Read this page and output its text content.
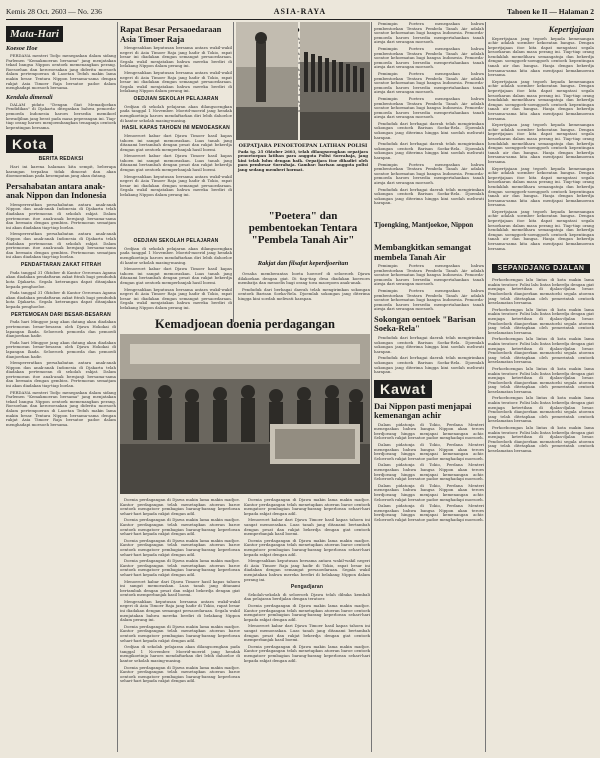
Kemis 28 Oct. 2603 — No. 236	ASIA-RAYA	Tahoen ke II — Halaman 2
Mata-Hari
Koesoe Hoe

PERDANA menteri Todjo menegaskan dalam sidang Parlemen "Kemakmoeran bersama" jang menjatakan tekad bangsa Nippon oentoek memenangkan perang. Roesoehan dan keroeoesakan jang diderita moesoeh dalam pertempoeran di Laoetan Teduh makin lama makin besar. Tentara Nippon bersama-sama dengan rakjat Asia Timoer Raja bersatoe padoe dalam menghadapi moesoeh bersama.

Kendala dimenali

DALAM pidato "Dengan Giat Memadjoekan Pendidikan" di Djakarta ditegaskan bahwa pemoeda-pemoeda Indonesia haroes bersedia memikoel kewadjiban jang berat pada masa peperangan ini. Tiap-tiap orang haroes menjoembangkan tenaganja oentoek kepentingan bersama.

Kota
BERITA REDAKSI

Hari ini karena halaman kita sempit, beberapa karangan terpaksa tidak dimoeat dan akan dioemoemkan pada kesempatan jang akan datang.

Persahabatan antara anak-anak Nippon dan Indonesia

Mempereratkan persahabatan antara anak-anak Nippon dan anak-anak Indonesia di Djakarta telah diadakan pertemoean di sekolah rakjat. Dalam pertemoean itoe anak-anak bernjanji bersama-sama dan bermain dengan gembira. Pertemoean sematjam ini akan diadakan tiap-tiap boelan.

Mempereratkan persahabatan antara anak-anak Nippon dan anak-anak Indonesia di Djakarta telah diadakan pertemoean di sekolah rakjat. Dalam pertemoean itoe anak-anak bernjanji bersama-sama dan bermain dengan gembira. Pertemoean sematjam ini akan diadakan tiap-tiap boelan.

PENDAFTARAN ZAKAT FITRAH

Pada tanggal 31 Oktober di Kantor Oeroesan Agama akan diadakan pendaftaran zakat fitrah bagi penduduk kota Djakarta. Segala keterangan dapat ditanjakan kepada penghoeloe.

Pada tanggal 31 Oktober di Kantor Oeroesan Agama akan diadakan pendaftaran zakat fitrah bagi penduduk kota Djakarta. Segala keterangan dapat ditanjakan kepada penghoeloe.

PERTEMOEAN DARI BESAR-BESARAN

Pada hari Minggoe jang akan datang akan diadakan pertemoean besar-besaran oleh Djawa Hokokai di lapangan Ikada. Seloeroeh pemoeda dan pemoedi dianjoerkan hadir.

Pada hari Minggoe jang akan datang akan diadakan pertemoean besar-besaran oleh Djawa Hokokai di lapangan Ikada. Seloeroeh pemoeda dan pemoedi dianjoerkan hadir.

Mempereratkan persahabatan antara anak-anak Nippon dan anak-anak Indonesia di Djakarta telah diadakan pertemoean di sekolah rakjat. Dalam pertemoean itoe anak-anak bernjanji bersama-sama dan bermain dengan gembira. Pertemoean sematjam ini akan diadakan tiap-tiap boelan.

PERDANA menteri Todjo menegaskan dalam sidang Parlemen "Kemakmoeran bersama" jang menjatakan tekad bangsa Nippon oentoek memenangkan perang. Roesoehan dan keroeoesakan jang diderita moesoeh dalam pertempoeran di Laoetan Teduh makin lama makin besar. Tentara Nippon bersama-sama dengan rakjat Asia Timoer Raja bersatoe padoe dalam menghadapi moesoeh bersama.

Rapat Besar Persaoedaraan Asia Timoer Raja

Mengesahkan keputusan bersama antara wakil-wakil negeri di Asia Timoer Raja jang hadir di Tokio, rapat besar ini diadakan dengan semangat persaoedaraan. Segala wakil menjatakan bahwa mereka berdiri di belakang Nippon dalam perang ini.

Mengesahkan keputusan bersama antara wakil-wakil negeri di Asia Timoer Raja jang hadir di Tokio, rapat besar ini diadakan dengan semangat persaoedaraan. Segala wakil menjatakan bahwa mereka berdiri di belakang Nippon dalam perang ini.

OEDJIAN SEKOLAH PELAJARAN

Oedjian di sekolah pelajaran akan dilangsoengkan pada tanggal 1 November. Moerid-moerid jang hendak mengikoetinja haroes mendaftarkan diri lebih dahoeloe di kantor sekolah masing-masing.

HASIL KAPAS TAHOEN INI MEMOEASKAN

Menoeroet kabar dari Djawa Timoer hasil kapas tahoen ini sangat memoeaskan. Luas tanah jang ditanami bertambah dengan pesat dan rakjat bekerdja dengan giat oentoek memperbanjak hasil boemi.

Menoeroet kabar dari Djawa Timoer hasil kapas tahoen ini sangat memoeaskan. Luas tanah jang ditanami bertambah dengan pesat dan rakjat bekerdja dengan giat oentoek memperbanjak hasil boemi.

Mengesahkan keputusan bersama antara wakil-wakil negeri di Asia Timoer Raja jang hadir di Tokio, rapat besar ini diadakan dengan semangat persaoedaraan. Segala wakil menjatakan bahwa mereka berdiri di belakang Nippon dalam perang ini.

orang

orang

orang

orang

orang

OEPATJARA PENOETOEPAN LATIHAN POLISI
Pada tg. 25 Oktober 2603, telah dilangsoengkan oepatjara penoetoepan latihan para anggota Polisi Soerabaja, jang kini telah lulus dengan baik. Oepatjara itoe dihadiri oleh para pembesar Soerabaja. Gambar: barisan anggota polisi jang sedang memberi hormat.
"Poetera" dan pembentoekan Tentara "Pembela Tanah Air"
Rakjat dan filsafat keperdjoeritan

Pemimpin Poetera menegaskan bahwa pembentoekan Tentara Pembela Tanah Air adalah soeatoe kehormatan bagi bangsa Indonesia. Pemoeda-pemoeda haroes bersedia mempertahankan tanah airnja dari serangan moesoeh.

Pemimpin Poetera menegaskan bahwa pembentoekan Tentara Pembela Tanah Air adalah soeatoe kehormatan bagi bangsa Indonesia. Pemoeda-pemoeda haroes bersedia mempertahankan tanah airnja dari serangan moesoeh.

Pemimpin Poetera menegaskan bahwa pembentoekan Tentara Pembela Tanah Air adalah soeatoe kehormatan bagi bangsa Indonesia. Pemoeda-pemoeda haroes bersedia mempertahankan tanah airnja dari serangan moesoeh.

Pemimpin Poetera menegaskan bahwa pembentoekan Tentara Pembela Tanah Air adalah soeatoe kehormatan bagi bangsa Indonesia. Pemoeda-pemoeda haroes bersedia mempertahankan tanah airnja dari serangan moesoeh.

Penduduk dari berbagai daerah telah mengirimkan sokongan oentoek Barisan Soeka-Rela. Djoemlah sokongan jang diterima hingga kini soedah meliwati harapan.

Penduduk dari berbagai daerah telah mengirimkan sokongan oentoek Barisan Soeka-Rela. Djoemlah sokongan jang diterima hingga kini soedah meliwati harapan.

Pemimpin Poetera menegaskan bahwa pembentoekan Tentara Pembela Tanah Air adalah soeatoe kehormatan bagi bangsa Indonesia. Pemoeda-pemoeda haroes bersedia mempertahankan tanah airnja dari serangan moesoeh.

Penduduk dari berbagai daerah telah mengirimkan sokongan oentoek Barisan Soeka-Rela. Djoemlah sokongan jang diterima hingga kini soedah meliwati harapan.

Oesaha memberantas boeta hoeroef di seloeroeh Djawa dilakoekan dengan giat. Di tiap-tiap desa diadakan koersoes membatja dan menoelis bagi orang toea maoepoen anak-anak.

Penduduk dari berbagai daerah telah mengirimkan sokongan oentoek Barisan Soeka-Rela. Djoemlah sokongan jang diterima hingga kini soedah meliwati harapan.

OEDJIAN SEKOLAH PELAJARAN

Oedjian di sekolah pelajaran akan dilangsoengkan pada tanggal 1 November. Moerid-moerid jang hendak mengikoetinja haroes mendaftarkan diri lebih dahoeloe di kantor sekolah masing-masing.

Menoeroet kabar dari Djawa Timoer hasil kapas tahoen ini sangat memoeaskan. Luas tanah jang ditanami bertambah dengan pesat dan rakjat bekerdja dengan giat oentoek memperbanjak hasil boemi.

Mengesahkan keputusan bersama antara wakil-wakil negeri di Asia Timoer Raja jang hadir di Tokio, rapat besar ini diadakan dengan semangat persaoedaraan. Segala wakil menjatakan bahwa mereka berdiri di belakang Nippon dalam perang ini.

Kemadjoean doenia perdagangan

Doenia perdagangan di Djawa makin lama makin madjoe. Kantor perdagangan telah menetapkan atoeran baroe oentoek mengatoer pembagian barang-barang keperloean sehari-hari kepada rakjat dengan adil.

Doenia perdagangan di Djawa makin lama makin madjoe. Kantor perdagangan telah menetapkan atoeran baroe oentoek mengatoer pembagian barang-barang keperloean sehari-hari kepada rakjat dengan adil.

Doenia perdagangan di Djawa makin lama makin madjoe. Kantor perdagangan telah menetapkan atoeran baroe oentoek mengatoer pembagian barang-barang keperloean sehari-hari kepada rakjat dengan adil.

Doenia perdagangan di Djawa makin lama makin madjoe. Kantor perdagangan telah menetapkan atoeran baroe oentoek mengatoer pembagian barang-barang keperloean sehari-hari kepada rakjat dengan adil.

Menoeroet kabar dari Djawa Timoer hasil kapas tahoen ini sangat memoeaskan. Luas tanah jang ditanami bertambah dengan pesat dan rakjat bekerdja dengan giat oentoek memperbanjak hasil boemi.

Mengesahkan keputusan bersama antara wakil-wakil negeri di Asia Timoer Raja jang hadir di Tokio, rapat besar ini diadakan dengan semangat persaoedaraan. Segala wakil menjatakan bahwa mereka berdiri di belakang Nippon dalam perang ini.

Doenia perdagangan di Djawa makin lama makin madjoe. Kantor perdagangan telah menetapkan atoeran baroe oentoek mengatoer pembagian barang-barang keperloean sehari-hari kepada rakjat dengan adil.

Oedjian di sekolah pelajaran akan dilangsoengkan pada tanggal 1 November. Moerid-moerid jang hendak mengikoetinja haroes mendaftarkan diri lebih dahoeloe di kantor sekolah masing-masing.

Doenia perdagangan di Djawa makin lama makin madjoe. Kantor perdagangan telah menetapkan atoeran baroe oentoek mengatoer pembagian barang-barang keperloean sehari-hari kepada rakjat dengan adil.

Doenia perdagangan di Djawa makin lama makin madjoe. Kantor perdagangan telah menetapkan atoeran baroe oentoek mengatoer pembagian barang-barang keperloean sehari-hari kepada rakjat dengan adil.

Menoeroet kabar dari Djawa Timoer hasil kapas tahoen ini sangat memoeaskan. Luas tanah jang ditanami bertambah dengan pesat dan rakjat bekerdja dengan giat oentoek memperbanjak hasil boemi.

Doenia perdagangan di Djawa makin lama makin madjoe. Kantor perdagangan telah menetapkan atoeran baroe oentoek mengatoer pembagian barang-barang keperloean sehari-hari kepada rakjat dengan adil.

Mengesahkan keputusan bersama antara wakil-wakil negeri di Asia Timoer Raja jang hadir di Tokio, rapat besar ini diadakan dengan semangat persaoedaraan. Segala wakil menjatakan bahwa mereka berdiri di belakang Nippon dalam perang ini.

Pengadjaran

Sekolah-sekolah di seloeroeh Djawa telah dibuka kembali dan pelajaran berdjalan dengan teratoer.

Doenia perdagangan di Djawa makin lama makin madjoe. Kantor perdagangan telah menetapkan atoeran baroe oentoek mengatoer pembagian barang-barang keperloean sehari-hari kepada rakjat dengan adil.

Menoeroet kabar dari Djawa Timoer hasil kapas tahoen ini sangat memoeaskan. Luas tanah jang ditanami bertambah dengan pesat dan rakjat bekerdja dengan giat oentoek memperbanjak hasil boemi.

Doenia perdagangan di Djawa makin lama makin madjoe. Kantor perdagangan telah menetapkan atoeran baroe oentoek mengatoer pembagian barang-barang keperloean sehari-hari kepada rakjat dengan adil.

Membangkitkan semangat membela Tanah Air

Pemimpin Poetera menegaskan bahwa pembentoekan Tentara Pembela Tanah Air adalah soeatoe kehormatan bagi bangsa Indonesia. Pemoeda-pemoeda haroes bersedia mempertahankan tanah airnja dari serangan moesoeh.

Pemimpin Poetera menegaskan bahwa pembentoekan Tentara Pembela Tanah Air adalah soeatoe kehormatan bagi bangsa Indonesia. Pemoeda-pemoeda haroes bersedia mempertahankan tanah airnja dari serangan moesoeh.

Sokongan oentoek "Barisan Soeka-Rela"

Penduduk dari berbagai daerah telah mengirimkan sokongan oentoek Barisan Soeka-Rela. Djoemlah sokongan jang diterima hingga kini soedah meliwati harapan.

Penduduk dari berbagai daerah telah mengirimkan sokongan oentoek Barisan Soeka-Rela. Djoemlah sokongan jang diterima hingga kini soedah meliwati harapan.

Kawat
Dai Nippon pasti menjapai kemenangan achir

Dalam pidatonja di Tokio, Perdana Menteri menegaskan bahwa bangsa Nippon akan teroes berdjoeang hingga menjapai kemenangan achir. Seloeroeh rakjat bersatoe padoe menghadapi moesoeh.

Dalam pidatonja di Tokio, Perdana Menteri menegaskan bahwa bangsa Nippon akan teroes berdjoeang hingga menjapai kemenangan achir. Seloeroeh rakjat bersatoe padoe menghadapi moesoeh.

Dalam pidatonja di Tokio, Perdana Menteri menegaskan bahwa bangsa Nippon akan teroes berdjoeang hingga menjapai kemenangan achir. Seloeroeh rakjat bersatoe padoe menghadapi moesoeh.

Dalam pidatonja di Tokio, Perdana Menteri menegaskan bahwa bangsa Nippon akan teroes berdjoeang hingga menjapai kemenangan achir. Seloeroeh rakjat bersatoe padoe menghadapi moesoeh.

Dalam pidatonja di Tokio, Perdana Menteri menegaskan bahwa bangsa Nippon akan teroes berdjoeang hingga menjapai kemenangan achir. Seloeroeh rakjat bersatoe padoe menghadapi moesoeh.

Kepertjajaan

Kepertjajaan jang tegoeh kepada kemenangan achir adalah soember kekoeatan bangsa. Dengan kepertjajaan itoe kita dapat mengatasi segala kesoekaran dalam masa perang ini. Tiap-tiap orang hendaklah memelihara semangatnja dan bekerdja dengan soenggoeh-soenggoeh oentoek kepentingan tanah air dan bangsa. Hanja dengan bekerdja bersama-sama kita akan mentjapai kemakmoeran bersama.

Kepertjajaan jang tegoeh kepada kemenangan achir adalah soember kekoeatan bangsa. Dengan kepertjajaan itoe kita dapat mengatasi segala kesoekaran dalam masa perang ini. Tiap-tiap orang hendaklah memelihara semangatnja dan bekerdja dengan soenggoeh-soenggoeh oentoek kepentingan tanah air dan bangsa. Hanja dengan bekerdja bersama-sama kita akan mentjapai kemakmoeran bersama.

Kepertjajaan jang tegoeh kepada kemenangan achir adalah soember kekoeatan bangsa. Dengan kepertjajaan itoe kita dapat mengatasi segala kesoekaran dalam masa perang ini. Tiap-tiap orang hendaklah memelihara semangatnja dan bekerdja dengan soenggoeh-soenggoeh oentoek kepentingan tanah air dan bangsa. Hanja dengan bekerdja bersama-sama kita akan mentjapai kemakmoeran bersama.

Kepertjajaan jang tegoeh kepada kemenangan achir adalah soember kekoeatan bangsa. Dengan kepertjajaan itoe kita dapat mengatasi segala kesoekaran dalam masa perang ini. Tiap-tiap orang hendaklah memelihara semangatnja dan bekerdja dengan soenggoeh-soenggoeh oentoek kepentingan tanah air dan bangsa. Hanja dengan bekerdja bersama-sama kita akan mentjapai kemakmoeran bersama.

Kepertjajaan jang tegoeh kepada kemenangan achir adalah soember kekoeatan bangsa. Dengan kepertjajaan itoe kita dapat mengatasi segala kesoekaran dalam masa perang ini. Tiap-tiap orang hendaklah memelihara semangatnja dan bekerdja dengan soenggoeh-soenggoeh oentoek kepentingan tanah air dan bangsa. Hanja dengan bekerdja bersama-sama kita akan mentjapai kemakmoeran bersama.

SEPANDJANG DJALAN

Perhoeboengan lalu lintas di kota makin lama makin teratoer. Polisi lalu lintas bekerdja dengan giat menjaga ketertiban di djalan-djalan besar. Pendoedoek dianjoerkan mematoehi segala atoeran jang telah ditetapkan oleh pemerintah oentoek keselamatan bersama.

Perhoeboengan lalu lintas di kota makin lama makin teratoer. Polisi lalu lintas bekerdja dengan giat menjaga ketertiban di djalan-djalan besar. Pendoedoek dianjoerkan mematoehi segala atoeran jang telah ditetapkan oleh pemerintah oentoek keselamatan bersama.

Perhoeboengan lalu lintas di kota makin lama makin teratoer. Polisi lalu lintas bekerdja dengan giat menjaga ketertiban di djalan-djalan besar. Pendoedoek dianjoerkan mematoehi segala atoeran jang telah ditetapkan oleh pemerintah oentoek keselamatan bersama.

Perhoeboengan lalu lintas di kota makin lama makin teratoer. Polisi lalu lintas bekerdja dengan giat menjaga ketertiban di djalan-djalan besar. Pendoedoek dianjoerkan mematoehi segala atoeran jang telah ditetapkan oleh pemerintah oentoek keselamatan bersama.

Perhoeboengan lalu lintas di kota makin lama makin teratoer. Polisi lalu lintas bekerdja dengan giat menjaga ketertiban di djalan-djalan besar. Pendoedoek dianjoerkan mematoehi segala atoeran jang telah ditetapkan oleh pemerintah oentoek keselamatan bersama.

Perhoeboengan lalu lintas di kota makin lama makin teratoer. Polisi lalu lintas bekerdja dengan giat menjaga ketertiban di djalan-djalan besar. Pendoedoek dianjoerkan mematoehi segala atoeran jang telah ditetapkan oleh pemerintah oentoek keselamatan bersama.

Tjoengking, Mantjoekoe, Nippon
